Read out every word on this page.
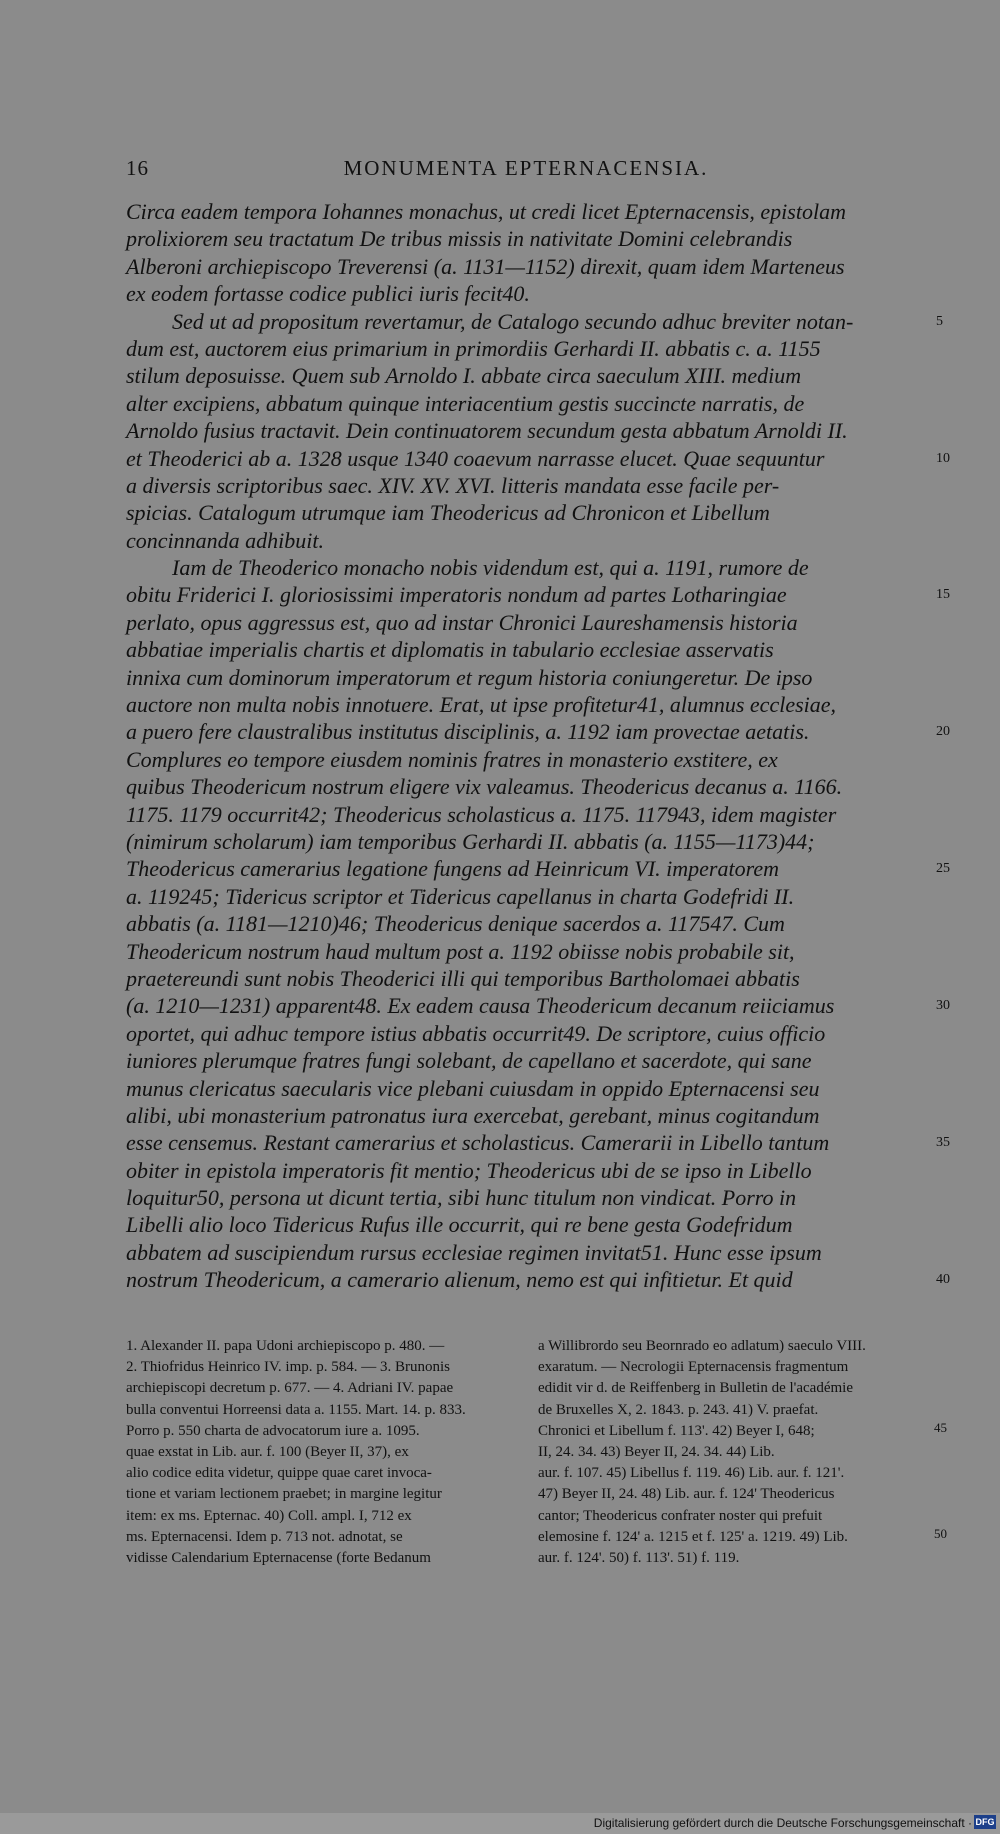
16	MONUMENTA EPTERNACENSIA.
Circa eadem tempora Iohannes monachus, ut credi licet Epternacensis, epistolam
prolixiorem seu tractatum De tribus missis in nativitate Domini celebrandis
Alberoni archiepiscopo Treverensi (a. 1131—1152) direxit, quam idem Marteneus
ex eodem fortasse codice publici iuris fecit40.
Sed ut ad propositum revertamur, de Catalogo secundo adhuc breviter notan-	5
dum est, auctorem eius primarium in primordiis Gerhardi II. abbatis c. a. 1155
stilum deposuisse. Quem sub Arnoldo I. abbate circa saeculum XIII. medium
alter excipiens, abbatum quinque interiacentium gestis succincte narratis, de
Arnoldo fusius tractavit. Dein continuatorem secundum gesta abbatum Arnoldi II.
et Theoderici ab a. 1328 usque 1340 coaevum narrasse elucet. Quae sequuntur	10
a diversis scriptoribus saec. XIV. XV. XVI. litteris mandata esse facile per-
spicias. Catalogum utrumque iam Theodericus ad Chronicon et Libellum
concinnanda adhibuit.
Iam de Theoderico monacho nobis videndum est, qui a. 1191, rumore de
obitu Friderici I. gloriosissimi imperatoris nondum ad partes Lotharingiae	15
perlato, opus aggressus est, quo ad instar Chronici Laureshamensis historia
abbatiae imperialis chartis et diplomatis in tabulario ecclesiae asservatis
innixa cum dominorum imperatorum et regum historia coniungeretur. De ipso
auctore non multa nobis innotuere. Erat, ut ipse profitetur41, alumnus ecclesiae,
a puero fere claustralibus institutus disciplinis, a. 1192 iam provectae aetatis.	20
Complures eo tempore eiusdem nominis fratres in monasterio exstitere, ex
quibus Theodericum nostrum eligere vix valeamus. Theodericus decanus a. 1166.
1175. 1179 occurrit42; Theodericus scholasticus a. 1175. 117943, idem magister
(nimirum scholarum) iam temporibus Gerhardi II. abbatis (a. 1155—1173)44;
Theodericus camerarius legatione fungens ad Heinricum VI. imperatorem	25
a. 119245; Tidericus scriptor et Tidericus capellanus in charta Godefridi II.
abbatis (a. 1181—1210)46; Theodericus denique sacerdos a. 117547. Cum
Theodericum nostrum haud multum post a. 1192 obiisse nobis probabile sit,
praetereundi sunt nobis Theoderici illi qui temporibus Bartholomaei abbatis
(a. 1210—1231) apparent48. Ex eadem causa Theodericum decanum reiiciamus	30
oportet, qui adhuc tempore istius abbatis occurrit49. De scriptore, cuius officio
iuniores plerumque fratres fungi solebant, de capellano et sacerdote, qui sane
munus clericatus saecularis vice plebani cuiusdam in oppido Epternacensi seu
alibi, ubi monasterium patronatus iura exercebat, gerebant, minus cogitandum
esse censemus. Restant camerarius et scholasticus. Camerarii in Libello tantum	35
obiter in epistola imperatoris fit mentio; Theodericus ubi de se ipso in Libello
loquitur50, persona ut dicunt tertia, sibi hunc titulum non vindicat. Porro in
Libelli alio loco Tidericus Rufus ille occurrit, qui re bene gesta Godefridum
abbatem ad suscipiendum rursus ecclesiae regimen invitat51. Hunc esse ipsum
nostrum Theodericum, a camerario alienum, nemo est qui infitietur. Et quid	40
1. Alexander II. papa Udoni archiepiscopo p. 480. —
2. Thiofridus Heinrico IV. imp. p. 584. — 3. Brunonis
archiepiscopi decretum p. 677. — 4. Adriani IV. papae
bulla conventui Horreensi data a. 1155. Mart. 14. p. 833.
Porro p. 550 charta de advocatorum iure a. 1095.
quae exstat in Lib. aur. f. 100 (Beyer II, 37), ex
alio codice edita videtur, quippe quae caret invoca-
tione et variam lectionem praebet; in margine legitur
item: ex ms. Epternac. 40) Coll. ampl. I, 712 ex
ms. Epternacensi. Idem p. 713 not. adnotat, se
vidisse Calendarium Epternacense (forte Bedanum
a Willibrordo seu Beornrado eo adlatum) saeculo VIII.
exaratum. — Necrologii Epternacensis fragmentum
edidit vir d. de Reiffenberg in Bulletin de l'académie
de Bruxelles X, 2. 1843. p. 243. 41) V. praefat.
Chronici et Libellum f. 113'. 42) Beyer I, 648;
II, 24. 34. 43) Beyer II, 24. 34. 44) Lib.
aur. f. 107. 45) Libellus f. 119. 46) Lib. aur. f. 121'.
47) Beyer II, 24. 48) Lib. aur. f. 124' Theodericus
cantor; Theodericus confrater noster qui prefuit
elemosine f. 124' a. 1215 et f. 125' a. 1219. 49) Lib.
aur. f. 124'. 50) f. 113'. 51) f. 119.
45
50
Digitalisierung gefördert durch die Deutsche Forschungsgemeinschaft · DFG
